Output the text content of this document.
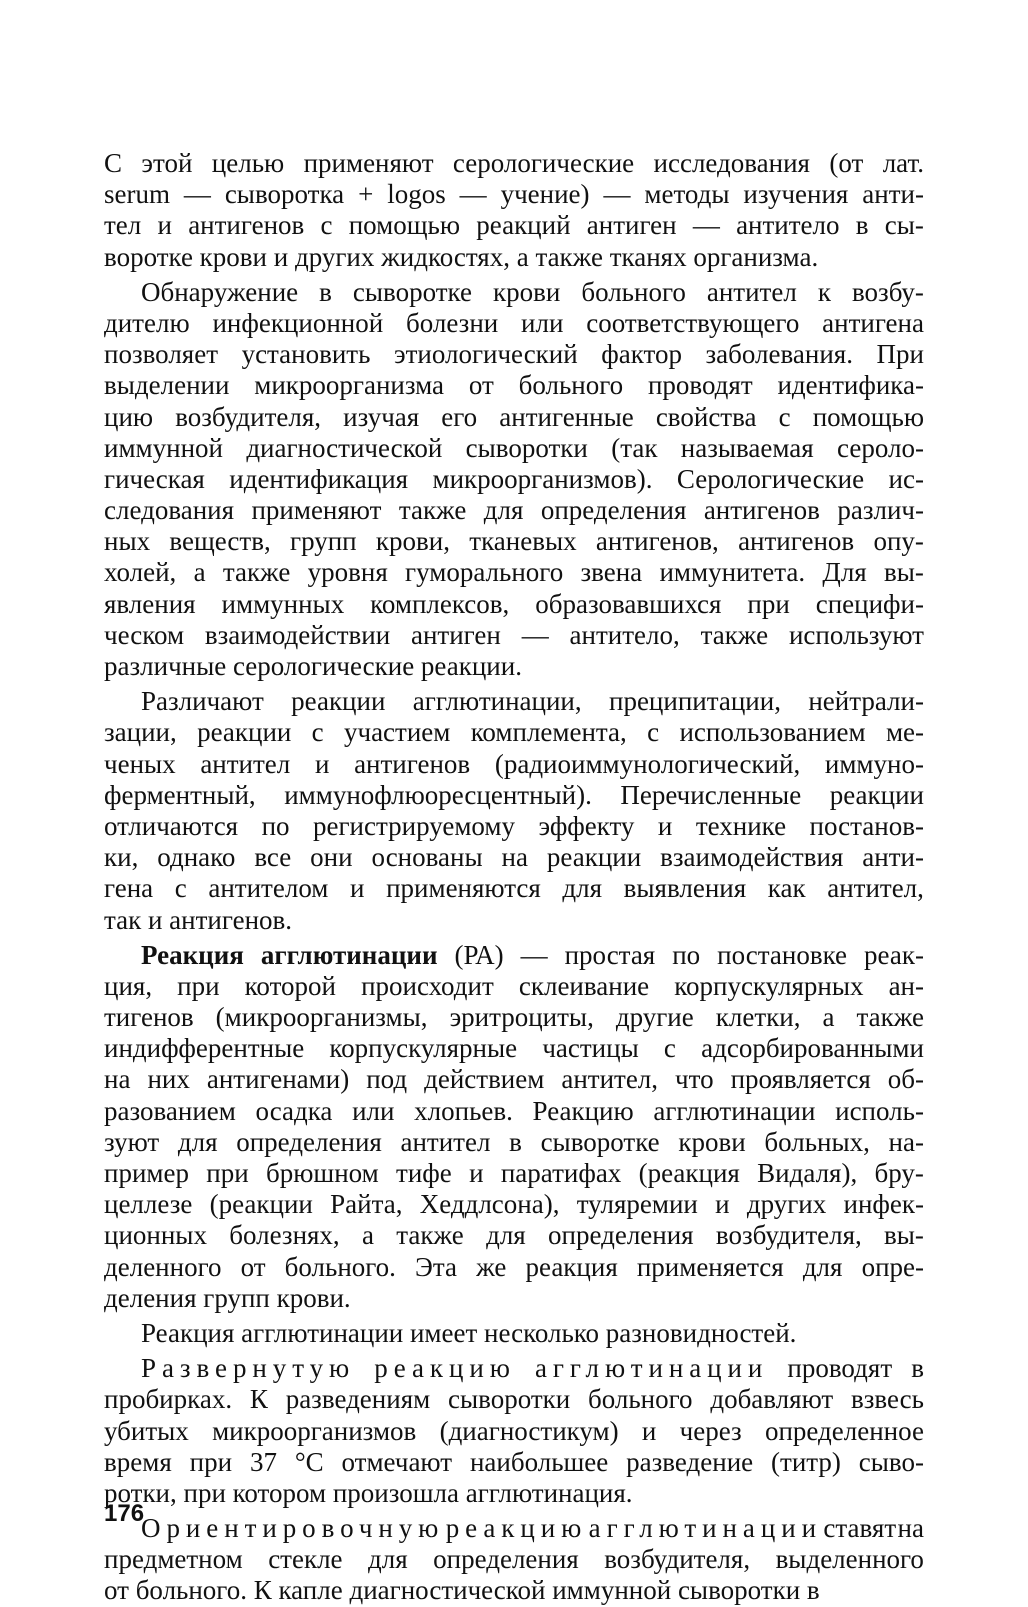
С этой целью применяют серологические исследования (от лат.
serum — сыворотка + logos — учение) — методы изучения анти-
тел и антигенов с помощью реакций антиген — антитело в сы-
воротке крови и других жидкостях, а также тканях организма.
Обнаружение в сыворотке крови больного антител к возбу-
дителю инфекционной болезни или соответствующего антигена
позволяет установить этиологический фактор заболевания. При
выделении микроорганизма от больного проводят идентифика-
цию возбудителя, изучая его антигенные свойства с помощью
иммунной диагностической сыворотки (так называемая сероло-
гическая идентификация микроорганизмов). Серологические ис-
следования применяют также для определения антигенов различ-
ных веществ, групп крови, тканевых антигенов, антигенов опу-
холей, а также уровня гуморального звена иммунитета. Для вы-
явления иммунных комплексов, образовавшихся при специфи-
ческом взаимодействии антиген — антитело, также используют
различные серологические реакции.
Различают реакции агглютинации, преципитации, нейтрали-
зации, реакции с участием комплемента, с использованием ме-
ченых антител и антигенов (радиоиммунологический, иммуно-
ферментный, иммунофлюоресцентный). Перечисленные реакции
отличаются по регистрируемому эффекту и технике постанов-
ки, однако все они основаны на реакции взаимодействия анти-
гена с антителом и применяются для выявления как антител,
так и антигенов.
Реакция агглютинации (РА) — простая по постановке реак-
ция, при которой происходит склеивание корпускулярных ан-
тигенов (микроорганизмы, эритроциты, другие клетки, а также
индифферентные корпускулярные частицы с адсорбированными
на них антигенами) под действием антител, что проявляется об-
разованием осадка или хлопьев. Реакцию агглютинации исполь-
зуют для определения антител в сыворотке крови больных, на-
пример при брюшном тифе и паратифах (реакция Видаля), бру-
целлезе (реакции Райта, Хеддлсона), туляремии и других инфек-
ционных болезнях, а также для определения возбудителя, вы-
деленного от больного. Эта же реакция применяется для опре-
деления групп крови.
Реакция агглютинации имеет несколько разновидностей.
Развернутую реакцию агглютинации проводят в
пробирках. К разведениям сыворотки больного добавляют взвесь
убитых микроорганизмов (диагностикум) и через определенное
время при 37 °С отмечают наибольшее разведение (титр) сыво-
ротки, при котором произошла агглютинация.
Ориентировочную реакцию агглютинации ставят на
предметном стекле для определения возбудителя, выделенного
от больного. К капле диагностической иммунной сыворотки в
176
